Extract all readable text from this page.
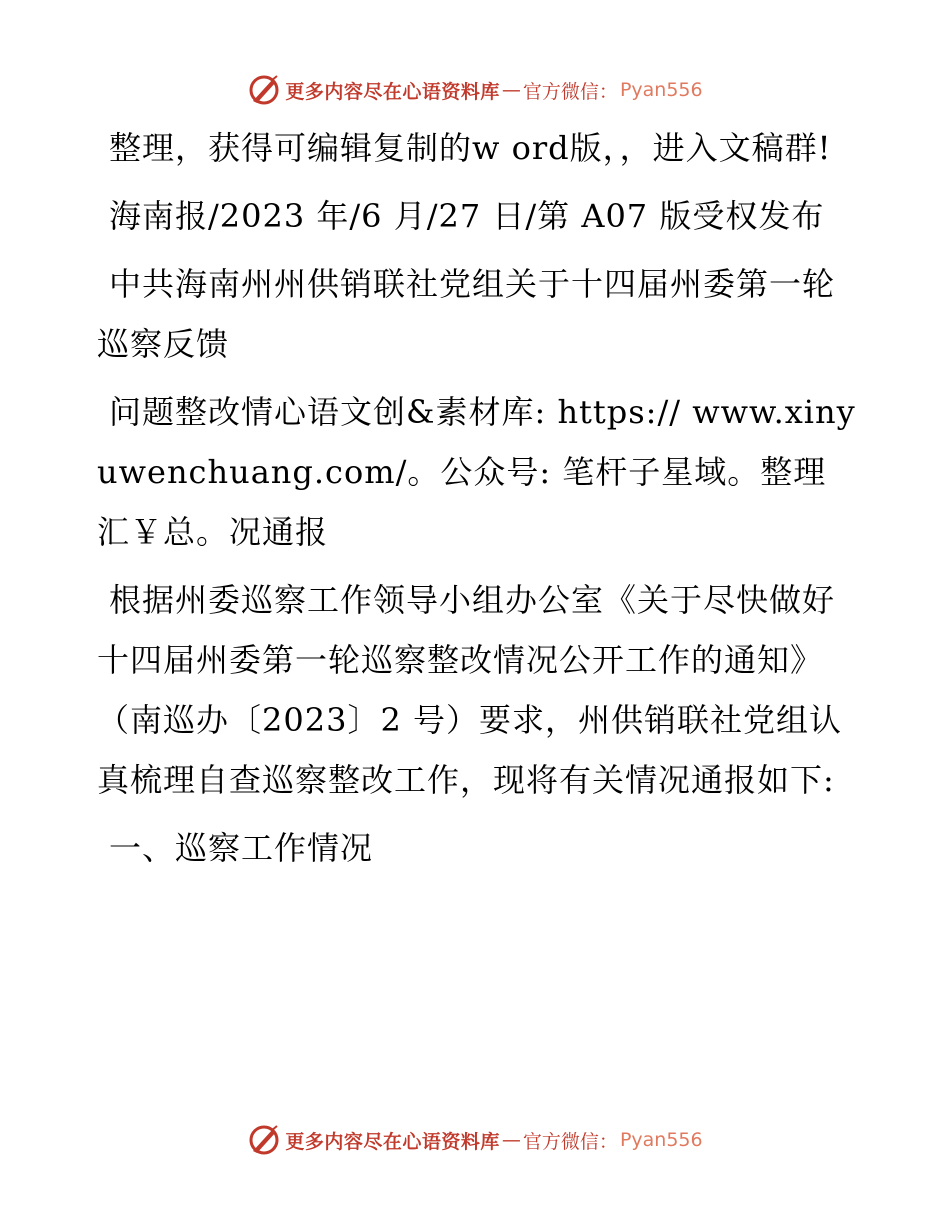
更多内容尽在心语资料库 — 官方微信： Pyan556

整理，获得可编辑复制的w ord版，，进入文稿群!

海南报/2023 年/6 月/27 日/第 A07 版受权发布

中共海南州州供销联社党组关于十四届州委第一轮巡察反馈

问题整改情心语文创&素材库: https:// www.xinyuwenchuang.com/。公众号: 笔杆子星域。整理汇￥总。况通报

根据州委巡察工作领导小组办公室《关于尽快做好十四届州委第一轮巡察整改情况公开工作的通知》（南巡办〔2023〕2 号）要求，州供销联社党组认真梳理自查巡察整改工作，现将有关情况通报如下:

一、巡察工作情况

更多内容尽在心语资料库 — 官方微信： Pyan556
